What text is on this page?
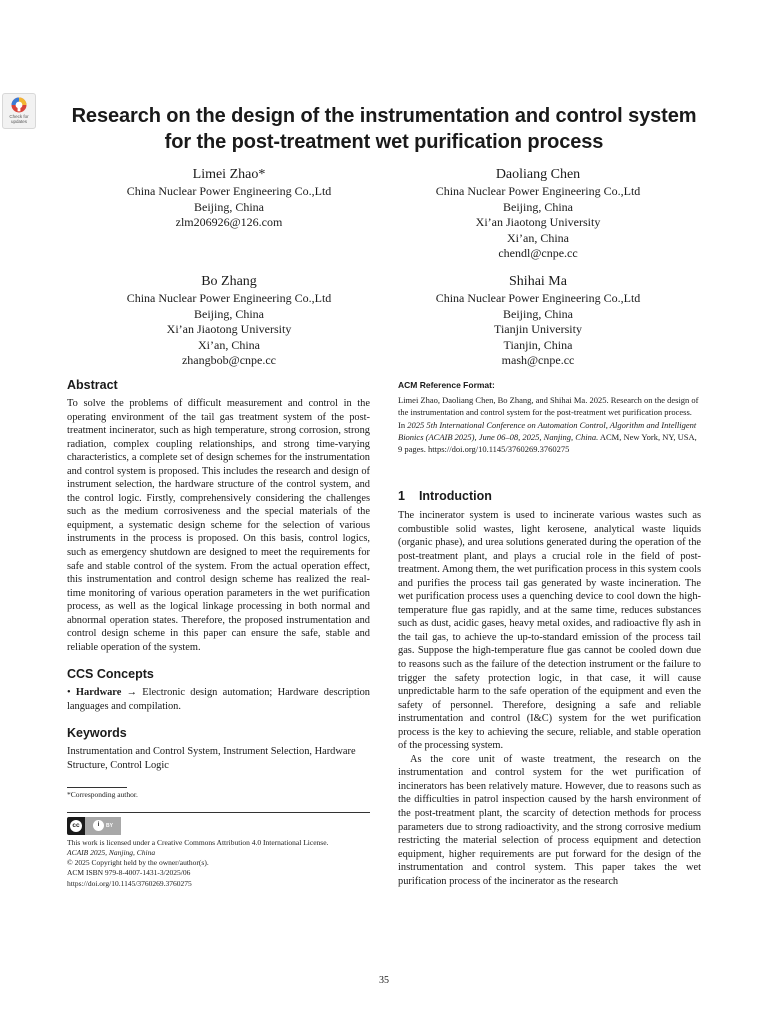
Check for updates	Research on the design of the instrumentation and control system
for the post-treatment wet purification process
Limei Zhao*
China Nuclear Power Engineering Co.,Ltd
Beijing, China
zlm206926@126.com
Daoliang Chen
China Nuclear Power Engineering Co.,Ltd
Beijing, China
Xi’an Jiaotong University
Xi’an, China
chendl@cnpe.cc
Bo Zhang
China Nuclear Power Engineering Co.,Ltd
Beijing, China
Xi’an Jiaotong University
Xi’an, China
zhangbob@cnpe.cc
Shihai Ma
China Nuclear Power Engineering Co.,Ltd
Beijing, China
Tianjin University
Tianjin, China
mash@cnpe.cc
Abstract

To solve the problems of difficult measurement and control in the operating environment of the tail gas treatment system of the post-treatment incinerator, such as high temperature, strong corrosion, strong radiation, complex coupling relationships, and strong time-varying characteristics, a complete set of design schemes for the instrumentation and control system is proposed. This includes the research and design of instrument selection, the hardware structure of the control system, and the control logic. Firstly, comprehensively considering the challenges such as the medium corrosiveness and the special materials of the equipment, a systematic design scheme for the selection of various instruments in the process is proposed. On this basis, control logics, such as emergency shutdown are designed to meet the requirements for safe and stable control of the system. From the actual operation effect, this instrumentation and control design scheme has realized the real-time monitoring of various operation parameters in the wet purification process, as well as the logical linkage processing in both normal and abnormal operation states. Therefore, the proposed instrumentation and control design scheme in this paper can ensure the safe, stable and reliable operation of the system.

CCS Concepts

• Hardware → Electronic design automation; Hardware description languages and compilation.

Keywords

Instrumentation and Control System, Instrument Selection, Hardware Structure, Control Logic

*Corresponding author.
cc	i	BY
This work is licensed under a Creative Commons Attribution 4.0 International License.
ACAIB 2025, Nanjing, China
© 2025 Copyright held by the owner/author(s).
ACM ISBN 979-8-4007-1431-3/2025/06
https://doi.org/10.1145/3760269.3760275
ACM Reference Format:

Limei Zhao, Daoliang Chen, Bo Zhang, and Shihai Ma. 2025. Research on the design of the instrumentation and control system for the post-treatment wet purification process. In 2025 5th International Conference on Automation Control, Algorithm and Intelligent Bionics (ACAIB 2025), June 06–08, 2025, Nanjing, China. ACM, New York, NY, USA, 9 pages. https://doi.org/10.1145/3760269.3760275

1 Introduction

The incinerator system is used to incinerate various wastes such as combustible solid wastes, light kerosene, analytical waste liquids (organic phase), and urea solutions generated during the operation of the post-treatment plant, and plays a crucial role in the field of post-treatment. Among them, the wet purification process in this system cools and purifies the process tail gas generated by waste incineration. The wet purification process uses a quenching device to cool down the high-temperature flue gas rapidly, and at the same time, reduces substances such as dust, acidic gases, heavy metal oxides, and radioactive fly ash in the tail gas, to achieve the up-to-standard emission of the process tail gas. Suppose the high-temperature flue gas cannot be cooled down due to reasons such as the failure of the detection instrument or the failure to trigger the safety protection logic, in that case, it will cause unpredictable harm to the safe operation of the equipment and even the safety of personnel. Therefore, designing a safe and reliable instrumentation and control (I&C) system for the wet purification process is the key to achieving the secure, reliable, and stable operation of the processing system.

As the core unit of waste treatment, the research on the instrumentation and control system for the wet purification of incinerators has been relatively mature. However, due to reasons such as the difficulties in patrol inspection caused by the harsh environment of the post-treatment plant, the scarcity of detection methods for process parameters due to strong radioactivity, and the strong corrosive medium restricting the material selection of process equipment and detection equipment, higher requirements are put forward for the design of the instrumentation and control system. This paper takes the wet purification process of the incinerator as the research

35
